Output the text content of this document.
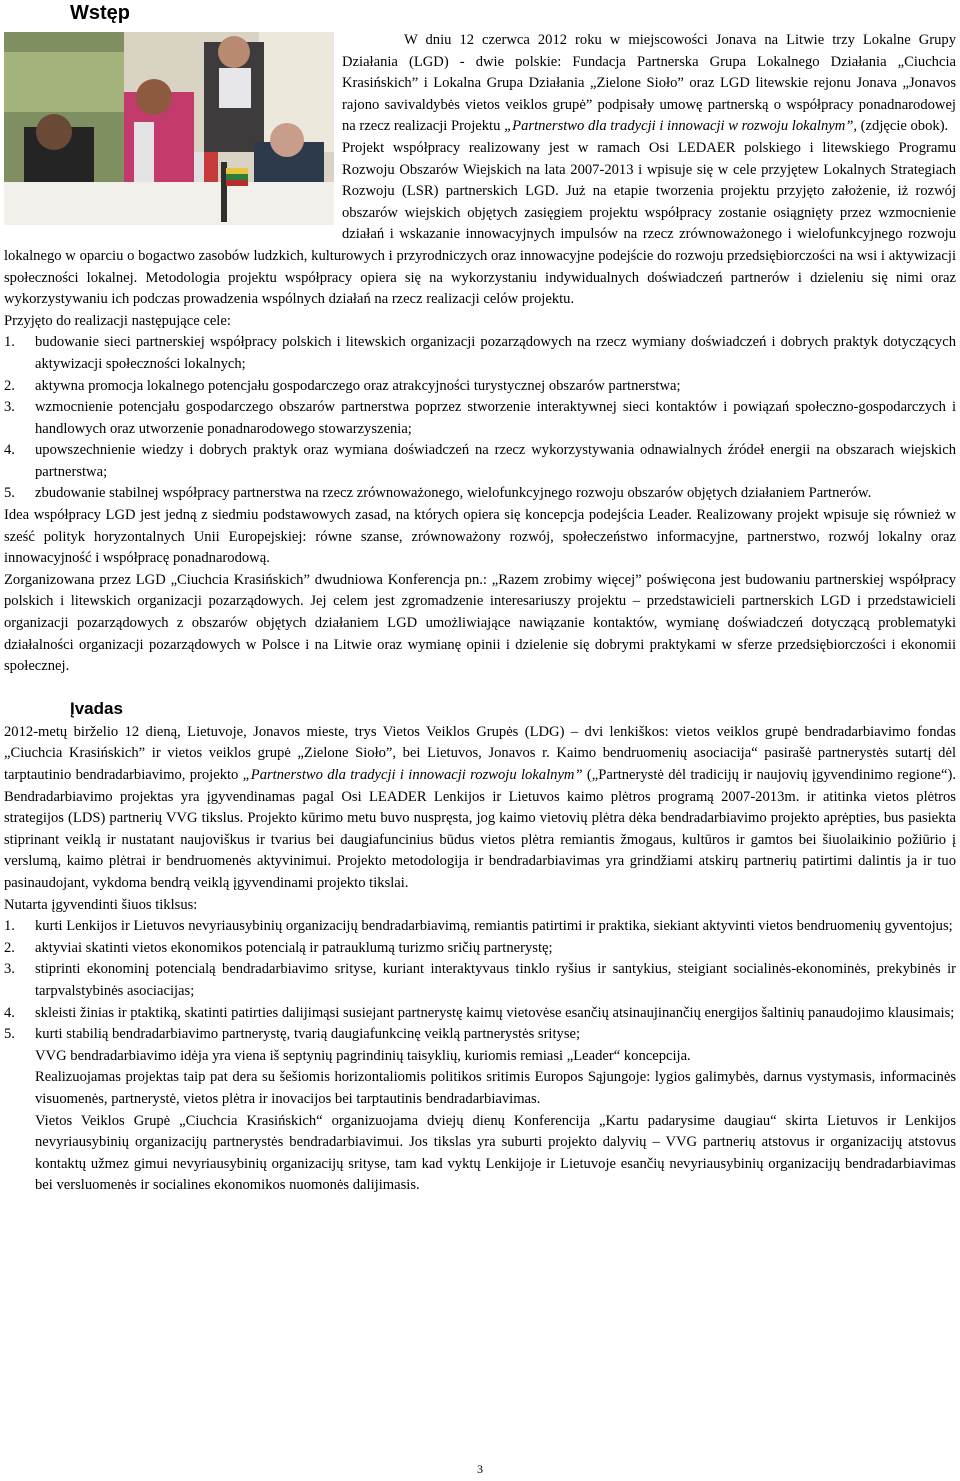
Wstęp

W dniu 12 czerwca 2012 roku w miejscowości Jonava na Litwie trzy Lokalne Grupy Działania (LGD) - dwie polskie: Fundacja Partnerska Grupa Lokalnego Działania „Ciuchcia Krasińskich” i Lokalna Grupa Działania „Zielone Sioło” oraz LGD litewskie rejonu Jonava „Jonavos rajono savivaldybės vietos veiklos grupė” podpisały umowę partnerską o współpracy ponadnarodowej na rzecz realizacji Projektu „Partnerstwo dla tradycji i innowacji w rozwoju lokalnym”, (zdjęcie obok).

Projekt współpracy realizowany jest w ramach Osi LEDAER polskiego i litewskiego Programu Rozwoju Obszarów Wiejskich na lata 2007-2013 i wpisuje się w cele przyjętew Lokalnych Strategiach Rozwoju (LSR) partnerskich LGD. Już na etapie tworzenia projektu przyjęto założenie, iż rozwój obszarów wiejskich objętych zasięgiem projektu współpracy zostanie osiągnięty przez wzmocnienie działań i wskazanie innowacyjnych impulsów na rzecz zrównoważonego i wielofunkcyjnego rozwoju lokalnego w oparciu o bogactwo zasobów ludzkich, kulturowych i przyrodniczych oraz innowacyjne podejście do rozwoju przedsiębiorczości na wsi i aktywizacji społeczności lokalnej. Metodologia projektu współpracy opiera się na wykorzystaniu indywidualnych doświadczeń partnerów i dzieleniu się nimi oraz wykorzystywaniu ich podczas prowadzenia wspólnych działań na rzecz realizacji celów projektu.

Przyjęto do realizacji następujące cele:

1. budowanie sieci partnerskiej współpracy polskich i litewskich organizacji pozarządowych na rzecz wymiany doświadczeń i dobrych praktyk dotyczących aktywizacji społeczności lokalnych;
2. aktywna promocja lokalnego potencjału gospodarczego oraz atrakcyjności turystycznej obszarów partnerstwa;
3. wzmocnienie potencjału gospodarczego obszarów partnerstwa poprzez stworzenie interaktywnej sieci kontaktów i powiązań społeczno-gospodarczych i handlowych oraz utworzenie ponadnarodowego stowarzyszenia;
4. upowszechnienie wiedzy i dobrych praktyk oraz wymiana doświadczeń na rzecz wykorzystywania odnawialnych źródeł energii na obszarach wiejskich partnerstwa;
5. zbudowanie stabilnej współpracy partnerstwa na rzecz zrównoważonego, wielofunkcyjnego rozwoju obszarów objętych działaniem Partnerów.

Idea współpracy LGD jest jedną z siedmiu podstawowych zasad, na których opiera się koncepcja podejścia Leader. Realizowany projekt wpisuje się również w sześć polityk horyzontalnych Unii Europejskiej: równe szanse, zrównoważony rozwój, społeczeństwo informacyjne, partnerstwo, rozwój lokalny oraz innowacyjność i współpracę ponadnarodową.

Zorganizowana przez LGD „Ciuchcia Krasińskich” dwudniowa Konferencja pn.: „Razem zrobimy więcej” poświęcona jest budowaniu partnerskiej współpracy polskich i litewskich organizacji pozarządowych. Jej celem jest zgromadzenie interesariuszy projektu – przedstawicieli partnerskich LGD i przedstawicieli organizacji pozarządowych z obszarów objętych działaniem LGD umożliwiające nawiązanie kontaktów, wymianę doświadczeń dotyczącą problematyki działalności organizacji pozarządowych w Polsce i na Litwie oraz wymianę opinii i dzielenie się dobrymi praktykami w sferze przedsiębiorczości i ekonomii społecznej.

Įvadas

2012-metų birželio 12 dieną, Lietuvoje, Jonavos mieste, trys Vietos Veiklos Grupės (LDG) – dvi lenkiškos: vietos veiklos grupė bendradarbiavimo fondas „Ciuchcia Krasińskich” ir vietos veiklos grupė „Zielone Sioło”, bei Lietuvos, Jonavos r. Kaimo bendruomenių asociacija“ pasirašė partnerystės sutartį dėl tarptautinio bendradarbiavimo, projekto „Partnerstwo dla tradycji i innowacji rozwoju lokalnym” („Partnerystė dėl tradicijų ir naujovių įgyvendinimo regione“). Bendradarbiavimo projektas yra įgyvendinamas pagal Osi LEADER Lenkijos ir Lietuvos kaimo plėtros programą 2007-2013m. ir atitinka vietos plėtros strategijos (LDS) partnerių VVG tikslus. Projekto kūrimo metu buvo nuspręsta, jog kaimo vietovių plėtra dėka bendradarbiavimo projekto aprėpties, bus pasiekta stiprinant veiklą ir nustatant naujoviškus ir tvarius bei daugiafuncinius būdus vietos plėtra remiantis žmogaus, kultūros ir gamtos bei šiuolaikinio požiūrio į verslumą, kaimo plėtrai ir bendruomenės aktyvinimui. Projekto metodologija ir bendradarbiavimas yra grindžiami atskirų partnerių patirtimi dalintis ja ir tuo pasinaudojant, vykdoma bendrą veiklą įgyvendinami projekto tikslai.

Nutarta įgyvendinti šiuos tiklsus:

1. kurti Lenkijos ir Lietuvos nevyriausybinių organizacijų bendradarbiavimą, remiantis patirtimi ir praktika, siekiant aktyvinti vietos bendruomenių gyventojus;
2. aktyviai skatinti vietos ekonomikos potencialą ir patrauklumą turizmo sričių partnerystę;
3. stiprinti ekonominį potencialą bendradarbiavimo srityse, kuriant interaktyvaus tinklo ryšius ir santykius, steigiant socialinės-ekonominės, prekybinės ir tarpvalstybinės asociacijas;
4. skleisti žinias ir ptaktiką, skatinti patirties dalijimąsi susiejant partnerystę kaimų vietovėse esančių atsinaujinančių energijos šaltinių panaudojimo klausimais;
5. kurti stabilią bendradarbiavimo partnerystę, tvarią daugiafunkcinę veiklą partnerystės srityse;
VVG bendradarbiavimo idėja yra viena iš septynių pagrindinių taisyklių, kuriomis remiasi „Leader“ koncepcija.
Realizuojamas projektas taip pat dera su šešiomis horizontaliomis politikos sritimis Europos Sąjungoje: lygios galimybės, darnus vystymasis, informacinės visuomenės, partnerystė, vietos plėtra ir inovacijos bei tarptautinis bendradarbiavimas.
Vietos Veiklos Grupė „Ciuchcia Krasińskich“ organizuojama dviejų dienų Konferencija „Kartu padarysime daugiau“ skirta Lietuvos ir Lenkijos nevyriausybinių organizacijų partnerystės bendradarbiavimui. Jos tikslas yra suburti projekto dalyvių – VVG partnerių atstovus ir organizacijų atstovus kontaktų užmez gimui nevyriausybinių organizacijų srityse, tam kad vyktų Lenkijoje ir Lietuvoje esančių nevyriausybinių organizacijų bendradarbiavimas bei versluomenės ir socialines ekonomikos nuomonės dalijimasis.
3
